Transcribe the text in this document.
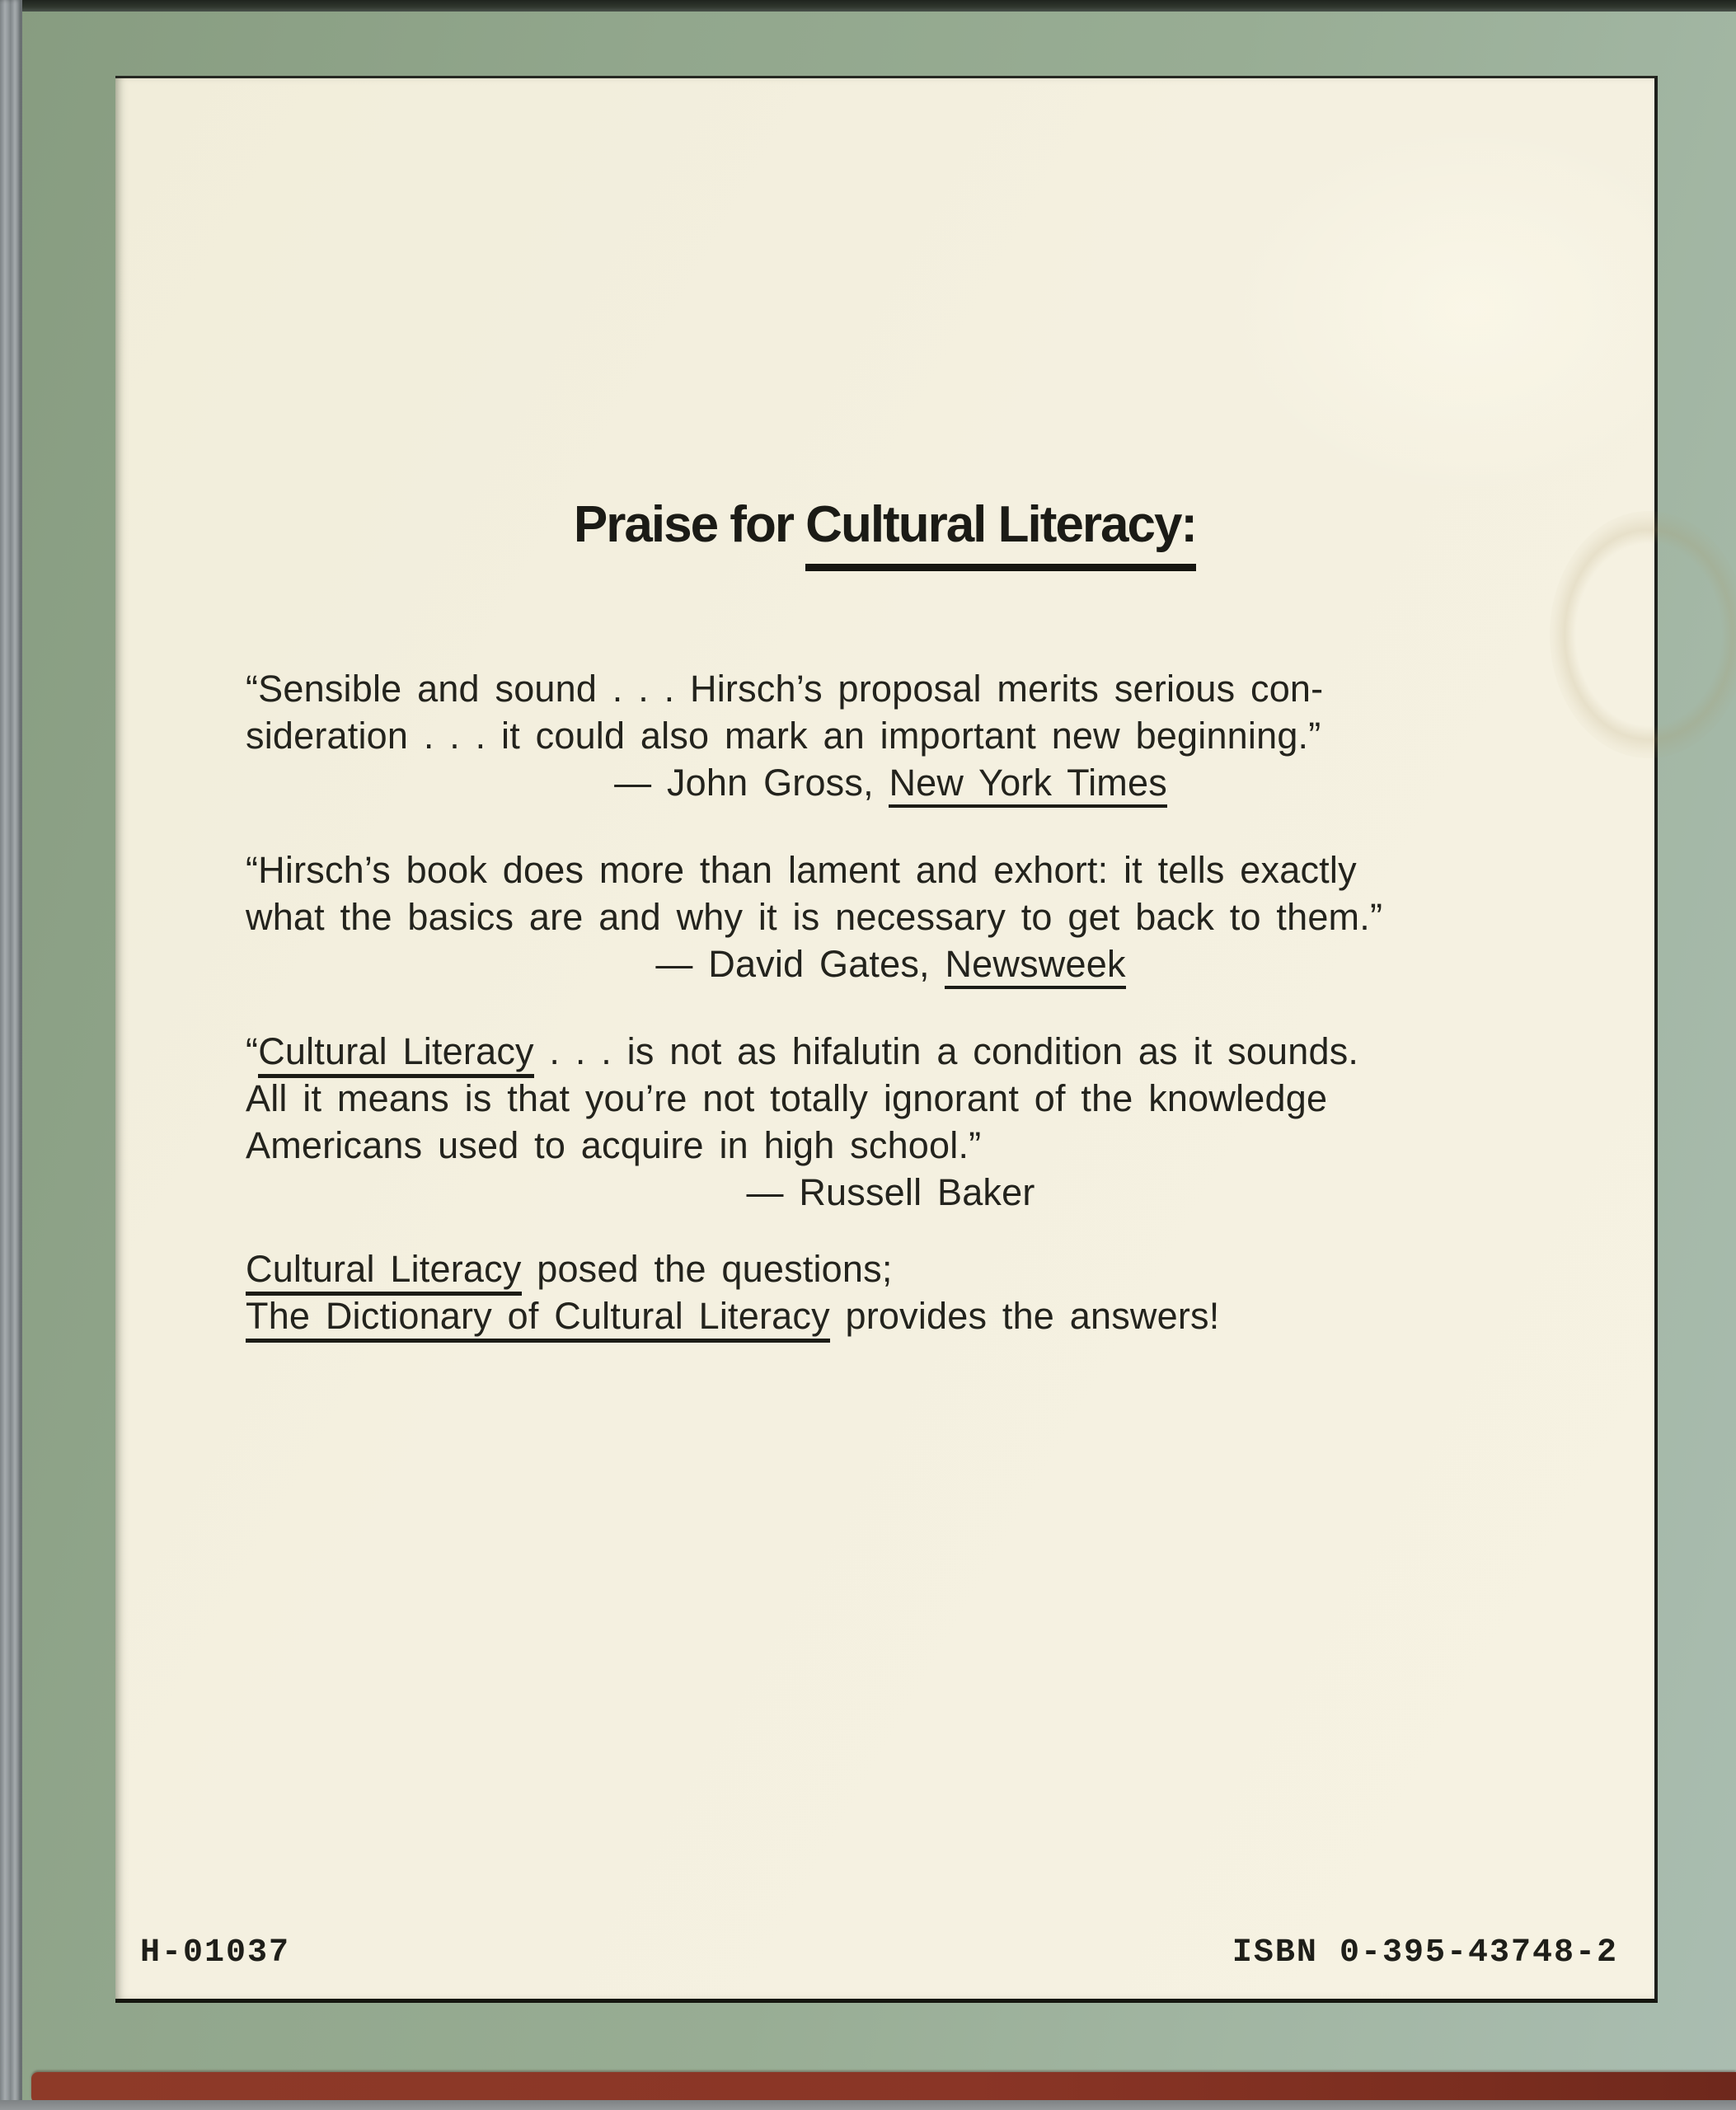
Praise for Cultural Literacy:
“Sensible and sound . . . Hirsch’s proposal merits serious con-
sideration . . . it could also mark an important new beginning.”
— John Gross, New York Times
“Hirsch’s book does more than lament and exhort: it tells exactly
what the basics are and why it is necessary to get back to them.”
— David Gates, Newsweek
“Cultural Literacy . . . is not as hifalutin a condition as it sounds.
All it means is that you’re not totally ignorant of the knowledge
Americans used to acquire in high school.”
— Russell Baker
Cultural Literacy posed the questions;
The Dictionary of Cultural Literacy provides the answers!
H-01037	ISBN 0-395-43748-2
